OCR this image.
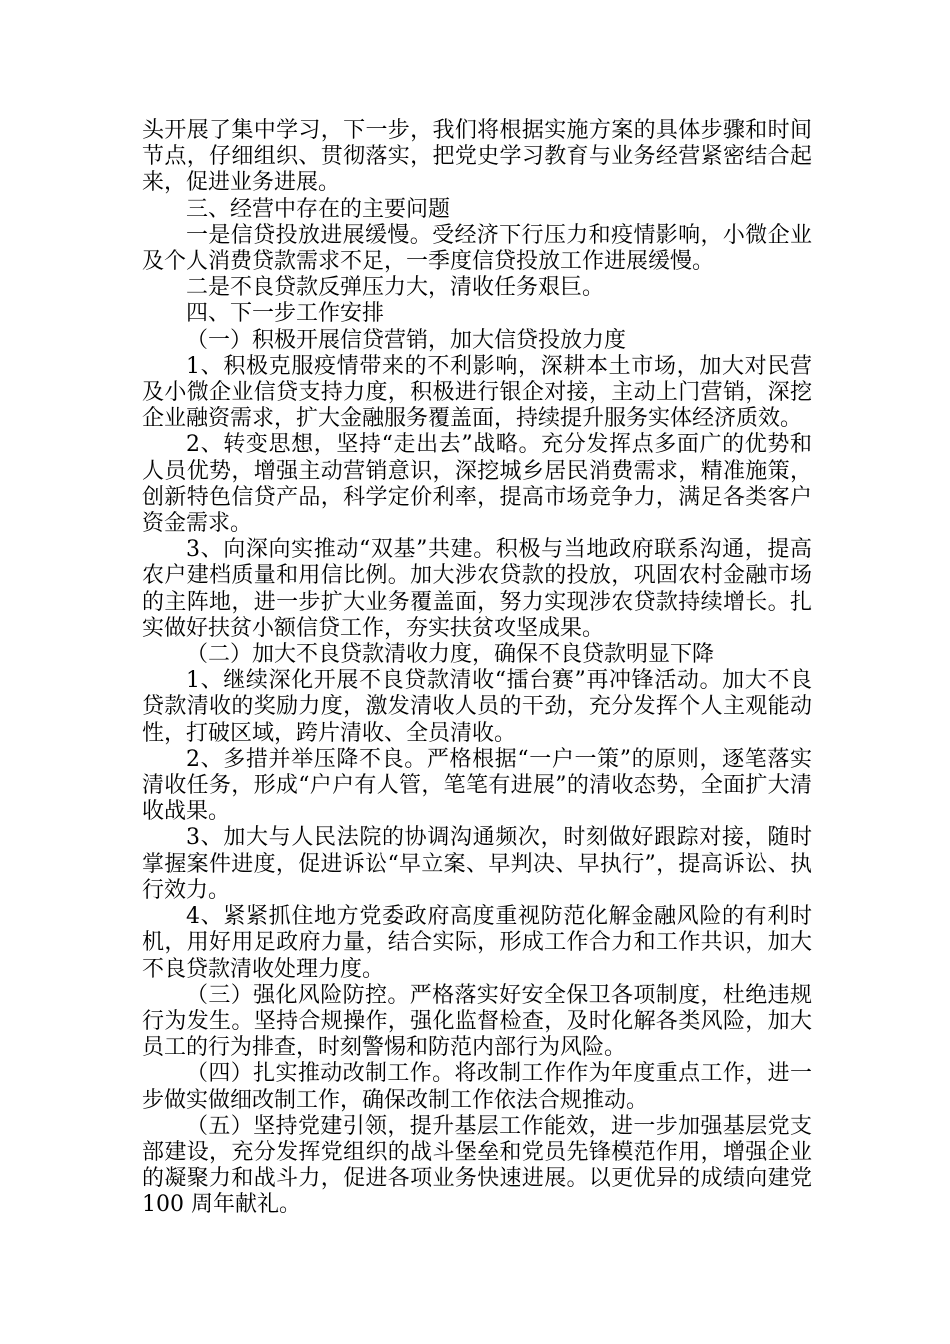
头开展了集中学习，下一步，我们将根据实施方案的具体步骤和时间节点，仔细组织、贯彻落实，把党史学习教育与业务经营紧密结合起来，促进业务进展。

三、经营中存在的主要问题

一是信贷投放进展缓慢。受经济下行压力和疫情影响，小微企业及个人消费贷款需求不足，一季度信贷投放工作进展缓慢。

二是不良贷款反弹压力大，清收任务艰巨。

四、下一步工作安排

（一）积极开展信贷营销，加大信贷投放力度

1、积极克服疫情带来的不利影响，深耕本土市场，加大对民营及小微企业信贷支持力度，积极进行银企对接，主动上门营销，深挖企业融资需求，扩大金融服务覆盖面，持续提升服务实体经济质效。

2、转变思想，坚持“走出去”战略。充分发挥点多面广的优势和人员优势，增强主动营销意识，深挖城乡居民消费需求，精准施策，创新特色信贷产品，科学定价利率，提高市场竞争力，满足各类客户资金需求。

3、向深向实推动“双基”共建。积极与当地政府联系沟通，提高农户建档质量和用信比例。加大涉农贷款的投放，巩固农村金融市场的主阵地，进一步扩大业务覆盖面，努力实现涉农贷款持续增长。扎实做好扶贫小额信贷工作，夯实扶贫攻坚成果。

（二）加大不良贷款清收力度，确保不良贷款明显下降

1、继续深化开展不良贷款清收“擂台赛”再冲锋活动。加大不良贷款清收的奖励力度，激发清收人员的干劲，充分发挥个人主观能动性，打破区域，跨片清收、全员清收。

2、多措并举压降不良。严格根据“一户一策”的原则，逐笔落实清收任务，形成“户户有人管，笔笔有进展”的清收态势，全面扩大清收战果。

3、加大与人民法院的协调沟通频次，时刻做好跟踪对接，随时掌握案件进度，促进诉讼“早立案、早判决、早执行”，提高诉讼、执行效力。

4、紧紧抓住地方党委政府高度重视防范化解金融风险的有利时机，用好用足政府力量，结合实际，形成工作合力和工作共识，加大不良贷款清收处理力度。

（三）强化风险防控。严格落实好安全保卫各项制度，杜绝违规行为发生。坚持合规操作，强化监督检查，及时化解各类风险，加大员工的行为排查，时刻警惕和防范内部行为风险。

（四）扎实推动改制工作。将改制工作作为年度重点工作，进一步做实做细改制工作，确保改制工作依法合规推动。

（五）坚持党建引领，提升基层工作能效，进一步加强基层党支部建设，充分发挥党组织的战斗堡垒和党员先锋模范作用，增强企业的凝聚力和战斗力，促进各项业务快速进展。以更优异的成绩向建党 100 周年献礼。
